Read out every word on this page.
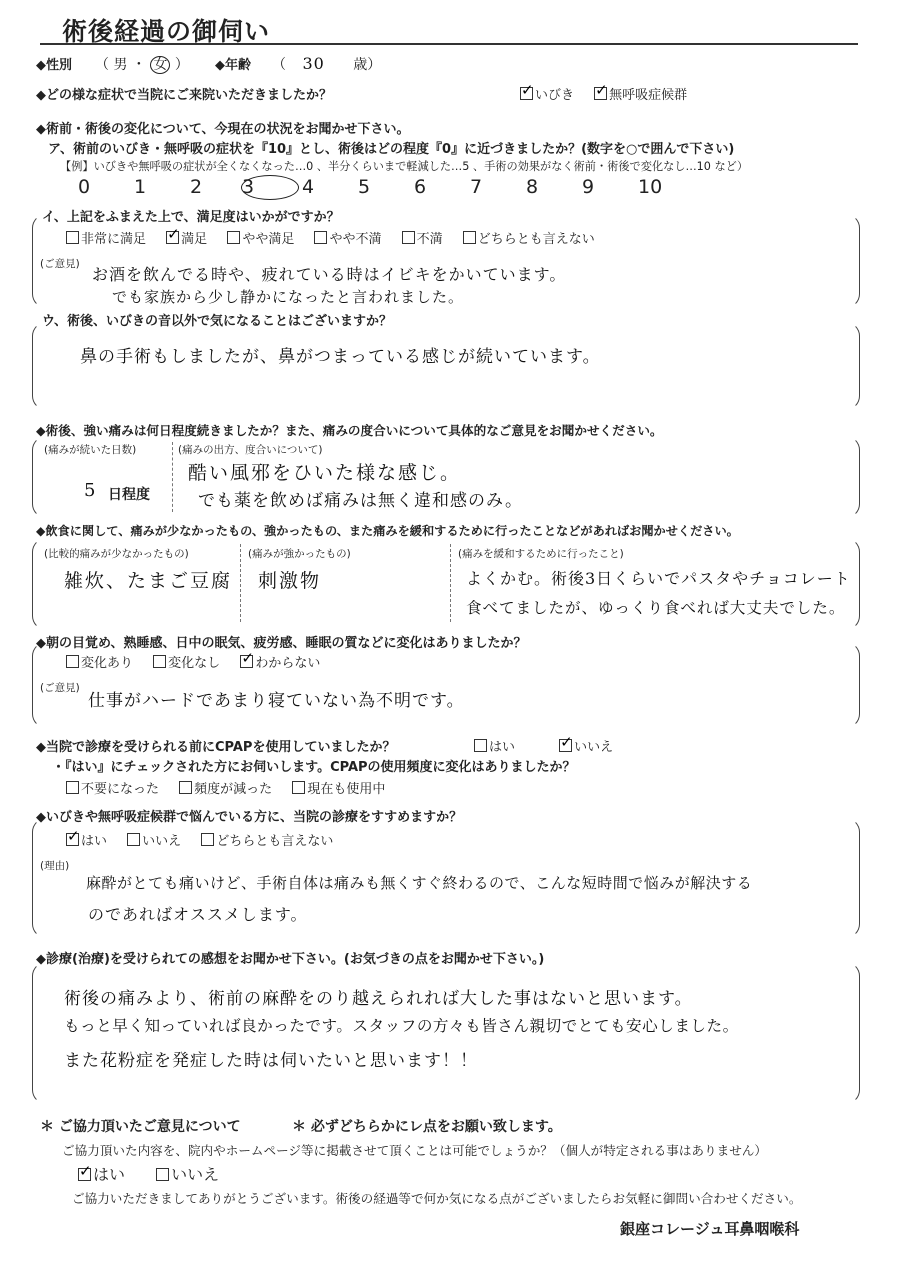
術後経過の御伺い
◆性別 （ 男 ・ 女 ） ◆年齢 （ 30 歳）
◆どの様な症状で当院にご来院いただきましたか？ ✓	いびき ✓	無呼吸症候群
◆術前・術後の変化について、今現在の状況をお聞かせ下さい。
ア、術前のいびき・無呼吸の症状を『10』とし、術後はどの程度『0』に近づきましたか？(数字を○で囲んで下さい)
【例】いびきや無呼吸の症状が全くなくなった…0 、半分くらいまで軽減した…5 、手術の効果がなく術前・術後で変化なし…10 など）
0 1 2 3	4 5 6 7 8 9 10
イ、上記をふまえた上で、満足度はいかがですか？
非常に満足 ✓	満足	やや満足	やや不満	不満	どちらとも言えない
(ご意見)
お酒を飲んでる時や、疲れている時はイビキをかいています。
でも家族から少し静かになったと言われました。
ウ、術後、いびきの音以外で気になることはございますか？
鼻の手術もしましたが、鼻がつまっている感じが続いています。
◆術後、強い痛みは何日程度続きましたか？また、痛みの度合いについて具体的なご意見をお聞かせください。
(痛みが続いた日数)
5 日程度
(痛みの出方、度合いについて)
酷い風邪をひいた様な感じ。
でも薬を飲めば痛みは無く違和感のみ。
◆飲食に関して、痛みが少なかったもの、強かったもの、また痛みを緩和するために行ったことなどがあればお聞かせください。
(比較的痛みが少なかったもの)
雑炊、たまご豆腐
(痛みが強かったもの)
刺激物
(痛みを緩和するために行ったこと)
よくかむ。術後3日くらいでパスタやチョコレート
食べてましたが、ゆっくり食べれば大丈夫でした。
◆朝の目覚め、熟睡感、日中の眠気、疲労感、睡眠の質などに変化はありましたか？
変化あり	変化なし ✓	わからない
(ご意見)
仕事がハードであまり寝ていない為不明です。
◆当院で診療を受けられる前にCPAPを使用していましたか？	はい ✓	いいえ
・『はい』にチェックされた方にお伺いします。CPAPの使用頻度に変化はありましたか？
不要になった	頻度が減った	現在も使用中
◆いびきや無呼吸症候群で悩んでいる方に、当院の診療をすすめますか？
✓はい	いいえ	どちらとも言えない
(理由)
麻酔がとても痛いけど、手術自体は痛みも無くすぐ終わるので、こんな短時間で悩みが解決する
のであればオススメします。
◆診療(治療)を受けられての感想をお聞かせ下さい。(お気づきの点をお聞かせ下さい。)
術後の痛みより、術前の麻酔をのり越えられれば大した事はないと思います。
もっと早く知っていれば良かったです。スタッフの方々も皆さん親切でとても安心しました。
また花粉症を発症した時は伺いたいと思います！！
＊ ご協力頂いたご意見について	＊ 必ずどちらかにレ点をお願い致します。
ご協力頂いた内容を、院内やホームページ等に掲載させて頂くことは可能でしょうか？（個人が特定される事はありません）
✓はい	いいえ
ご協力いただきましてありがとうございます。術後の経過等で何か気になる点がございましたらお気軽に御問い合わせください。
銀座コレージュ耳鼻咽喉科
